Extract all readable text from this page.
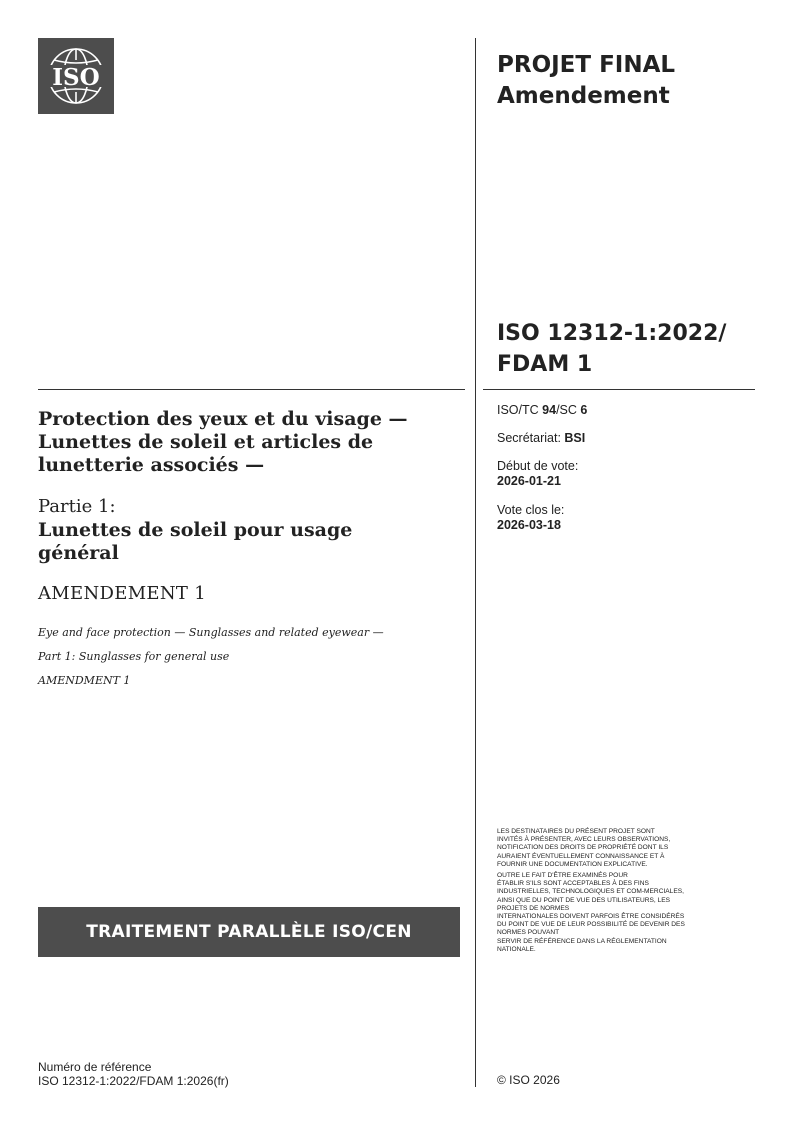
ISO	PROJET FINAL
Amendement
ISO 12312-1:2022/
FDAM 1
ISO/TC 94/SC 6
Secrétariat: BSI
Début de vote:
2026-01-21
Vote clos le:
2026-03-18

LES DESTINATAIRES DU PRÉSENT PROJET SONT
INVITÉS À PRÉSENTER, AVEC LEURS OBSERVATIONS,
NOTIFICATION DES DROITS DE PROPRIÉTÉ DONT ILS
AURAIENT ÉVENTUELLEMENT CONNAISSANCE ET À
FOURNIR UNE DOCUMENTATION EXPLICATIVE.

OUTRE LE FAIT D'ÊTRE EXAMINÉS POUR
ÉTABLIR S'ILS SONT ACCEPTABLES À DES FINS
INDUSTRIELLES, TECHNOLOGIQUES ET COM-MERCIALES,
AINSI QUE DU POINT DE VUE DES UTILISATEURS, LES
PROJETS DE NORMES
INTERNATIONALES DOIVENT PARFOIS ÊTRE CONSIDÉRÉS
DU POINT DE VUE DE LEUR POSSIBILITÉ DE DEVENIR DES
NORMES POUVANT
SERVIR DE RÉFÉRENCE DANS LA RÉGLEMENTATION
NATIONALE.

© ISO 2026
Protection des yeux et du visage —
Lunettes de soleil et articles de
lunetterie associés —
Partie 1:
Lunettes de soleil pour usage
général
AMENDEMENT 1
Eye and face protection — Sunglasses and related eyewear —
Part 1: Sunglasses for general use
AMENDMENT 1
TRAITEMENT PARALLÈLE ISO/CEN
Numéro de référence
ISO 12312-1:2022/FDAM 1:2026(fr)
